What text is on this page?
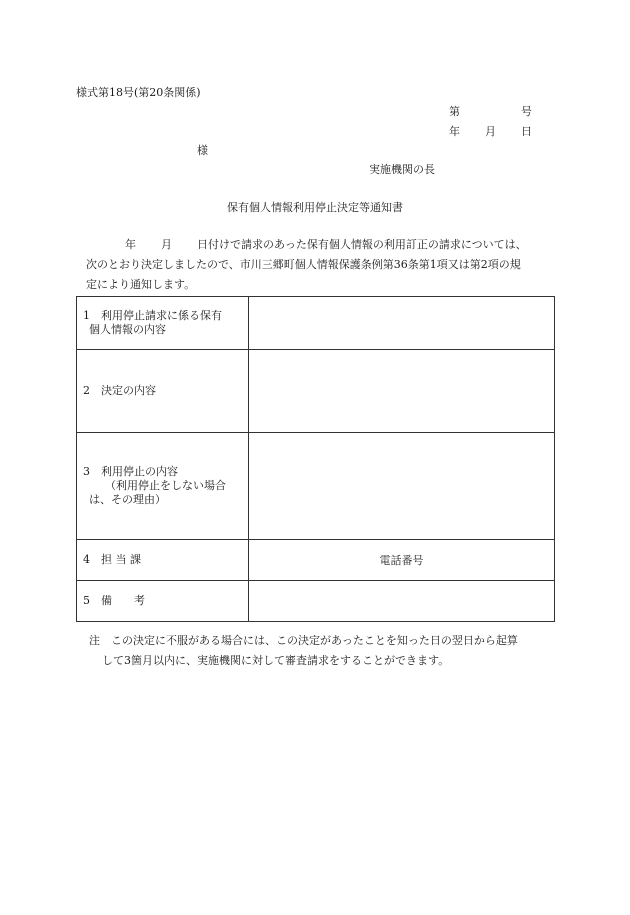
様式第18号(第20条関係)
第	号
年 月 日
様
実施機関の長
保有個人情報利用停止決定等通知書
年 月 日付けで請求のあった保有個人情報の利用訂正の請求については、
次のとおり決定しましたので、市川三郷町個人情報保護条例第36条第1項又は第2項の規
定により通知します。
1　利用停止請求に係る保有
個人情報の内容	

2　決定の内容	

3　利用停止の内容
（利用停止をしない場合
は、その理由）	

4　担 当 課	電話番号
5　備　　考	
注　この決定に不服がある場合には、この決定があったことを知った日の翌日から起算
して3箇月以内に、実施機関に対して審査請求をすることができます。
